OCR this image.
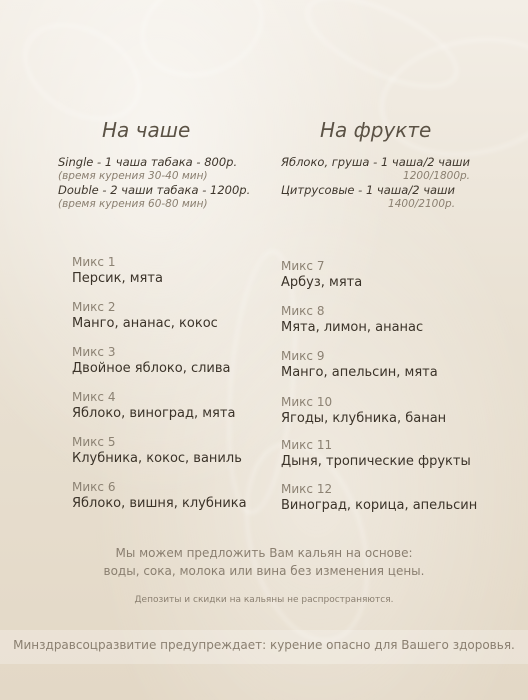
На чаше	На фрукте
Single - 1 чаша табака - 800р.
(время курения 30-40 мин)
Double - 2 чаши табака - 1200р.
(время курения 60-80 мин)
Яблоко, груша - 1 чаша/2 чаши
1200/1800р.
Цитрусовые - 1 чаша/2 чаши
1400/2100р.
Микс 1
Персик, мята
Микс 2
Манго, ананас, кокос
Микс 3
Двойное яблоко, слива
Микс 4
Яблоко, виноград, мята
Микс 5
Клубника, кокос, ваниль
Микс 6
Яблоко, вишня, клубника
Микс 7
Арбуз, мята
Микс 8
Мята, лимон, ананас
Микс 9
Манго, апельсин, мята
Микс 10
Ягоды, клубника, банан
Микс 11
Дыня, тропические фрукты
Микс 12
Виноград, корица, апельсин
Мы можем предложить Вам кальян на основе:
воды, сока, молока или вина без изменения цены.
Депозиты и скидки на кальяны не распространяются.
Минздравсоцразвитие предупреждает: курение опасно для Вашего здоровья.
